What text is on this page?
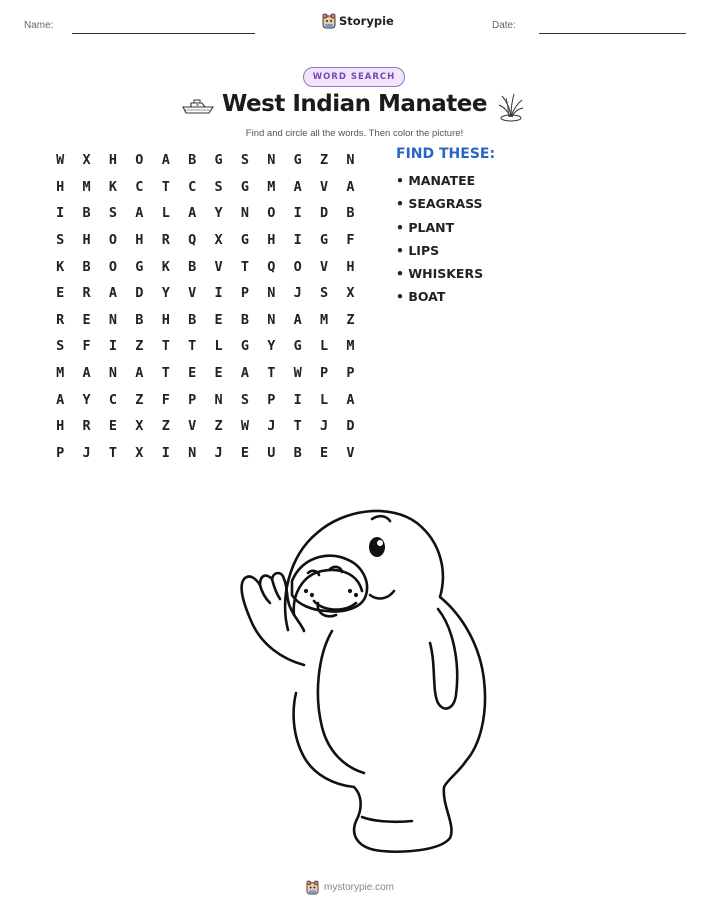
Name:	Storypie	Date:
WORD SEARCH
West Indian Manatee
Find and circle all the words. Then color the picture!
W	X	H	O	A	B	G	S	N	G	Z	N
H	M	K	C	T	C	S	G	M	A	V	A
I	B	S	A	L	A	Y	N	O	I	D	B
S	H	O	H	R	Q	X	G	H	I	G	F
K	B	O	G	K	B	V	T	Q	O	V	H
E	R	A	D	Y	V	I	P	N	J	S	X
R	E	N	B	H	B	E	B	N	A	M	Z
S	F	I	Z	T	T	L	G	Y	G	L	M
M	A	N	A	T	E	E	A	T	W	P	P
A	Y	C	Z	F	P	N	S	P	I	L	A
H	R	E	X	Z	V	Z	W	J	T	J	D
P	J	T	X	I	N	J	E	U	B	E	V
FIND THESE:
• MANATEE
• SEAGRASS
• PLANT
• LIPS
• WHISKERS
• BOAT
mystorypie.com
